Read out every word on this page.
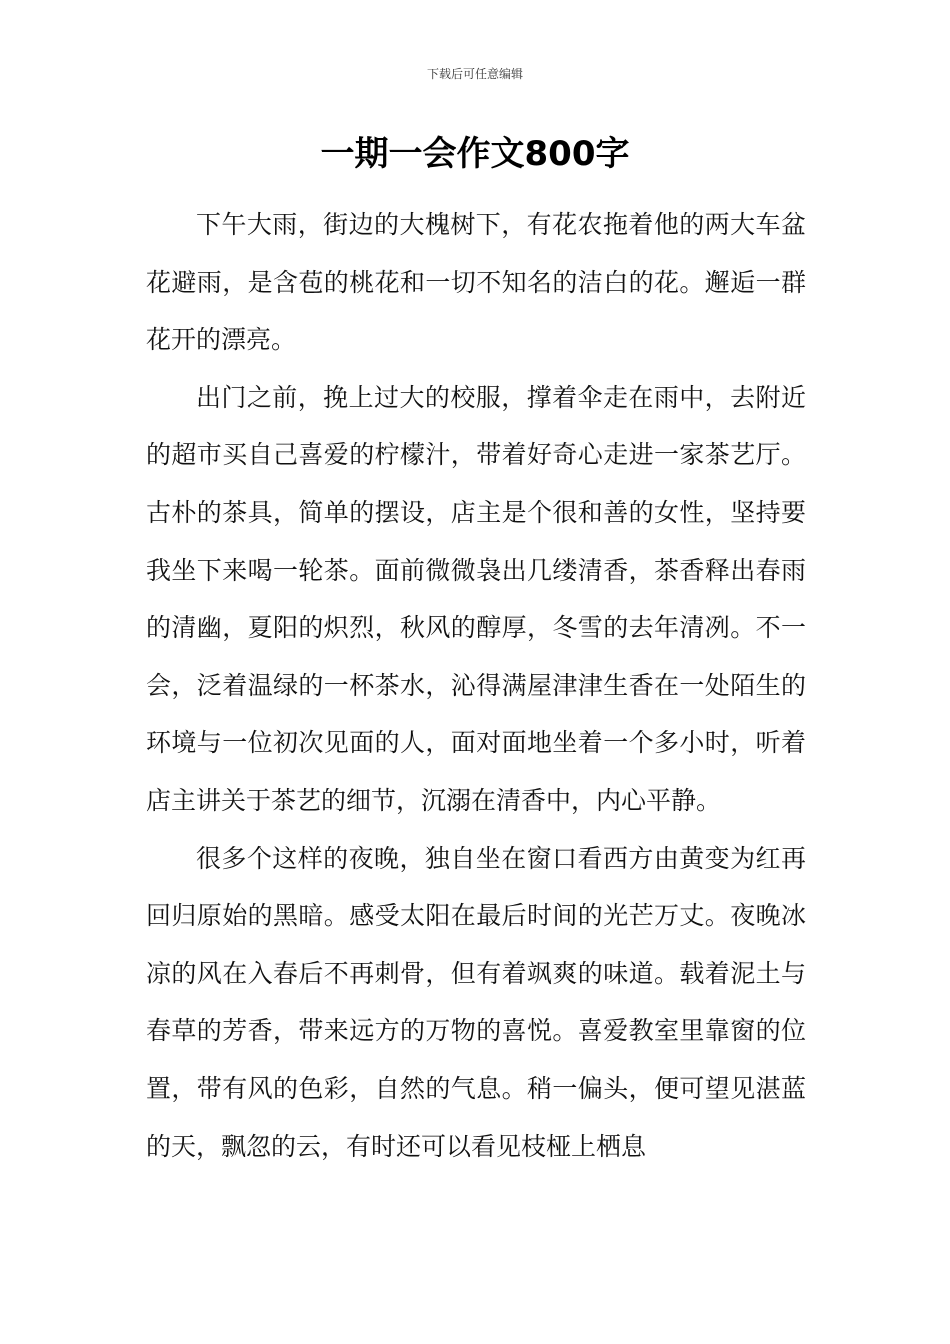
下载后可任意编辑
一期一会作文800字

下午大雨，街边的大槐树下，有花农拖着他的两大车盆花避雨，是含苞的桃花和一切不知名的洁白的花。邂逅一群花开的漂亮。

出门之前，挽上过大的校服，撑着伞走在雨中，去附近的超市买自己喜爱的柠檬汁，带着好奇心走进一家茶艺厅。古朴的茶具，简单的摆设，店主是个很和善的女性，坚持要我坐下来喝一轮茶。面前微微袅出几缕清香，茶香释出春雨的清幽，夏阳的炽烈，秋风的醇厚，冬雪的去年清冽。不一会，泛着温绿的一杯茶水，沁得满屋津津生香在一处陌生的环境与一位初次见面的人，面对面地坐着一个多小时，听着店主讲关于茶艺的细节，沉溺在清香中，内心平静。

很多个这样的夜晚，独自坐在窗口看西方由黄变为红再回归原始的黑暗。感受太阳在最后时间的光芒万丈。夜晚冰凉的风在入春后不再刺骨，但有着飒爽的味道。载着泥土与春草的芳香，带来远方的万物的喜悦。喜爱教室里靠窗的位置，带有风的色彩，自然的气息。稍一偏头，便可望见湛蓝的天，飘忽的云，有时还可以看见枝桠上栖息
